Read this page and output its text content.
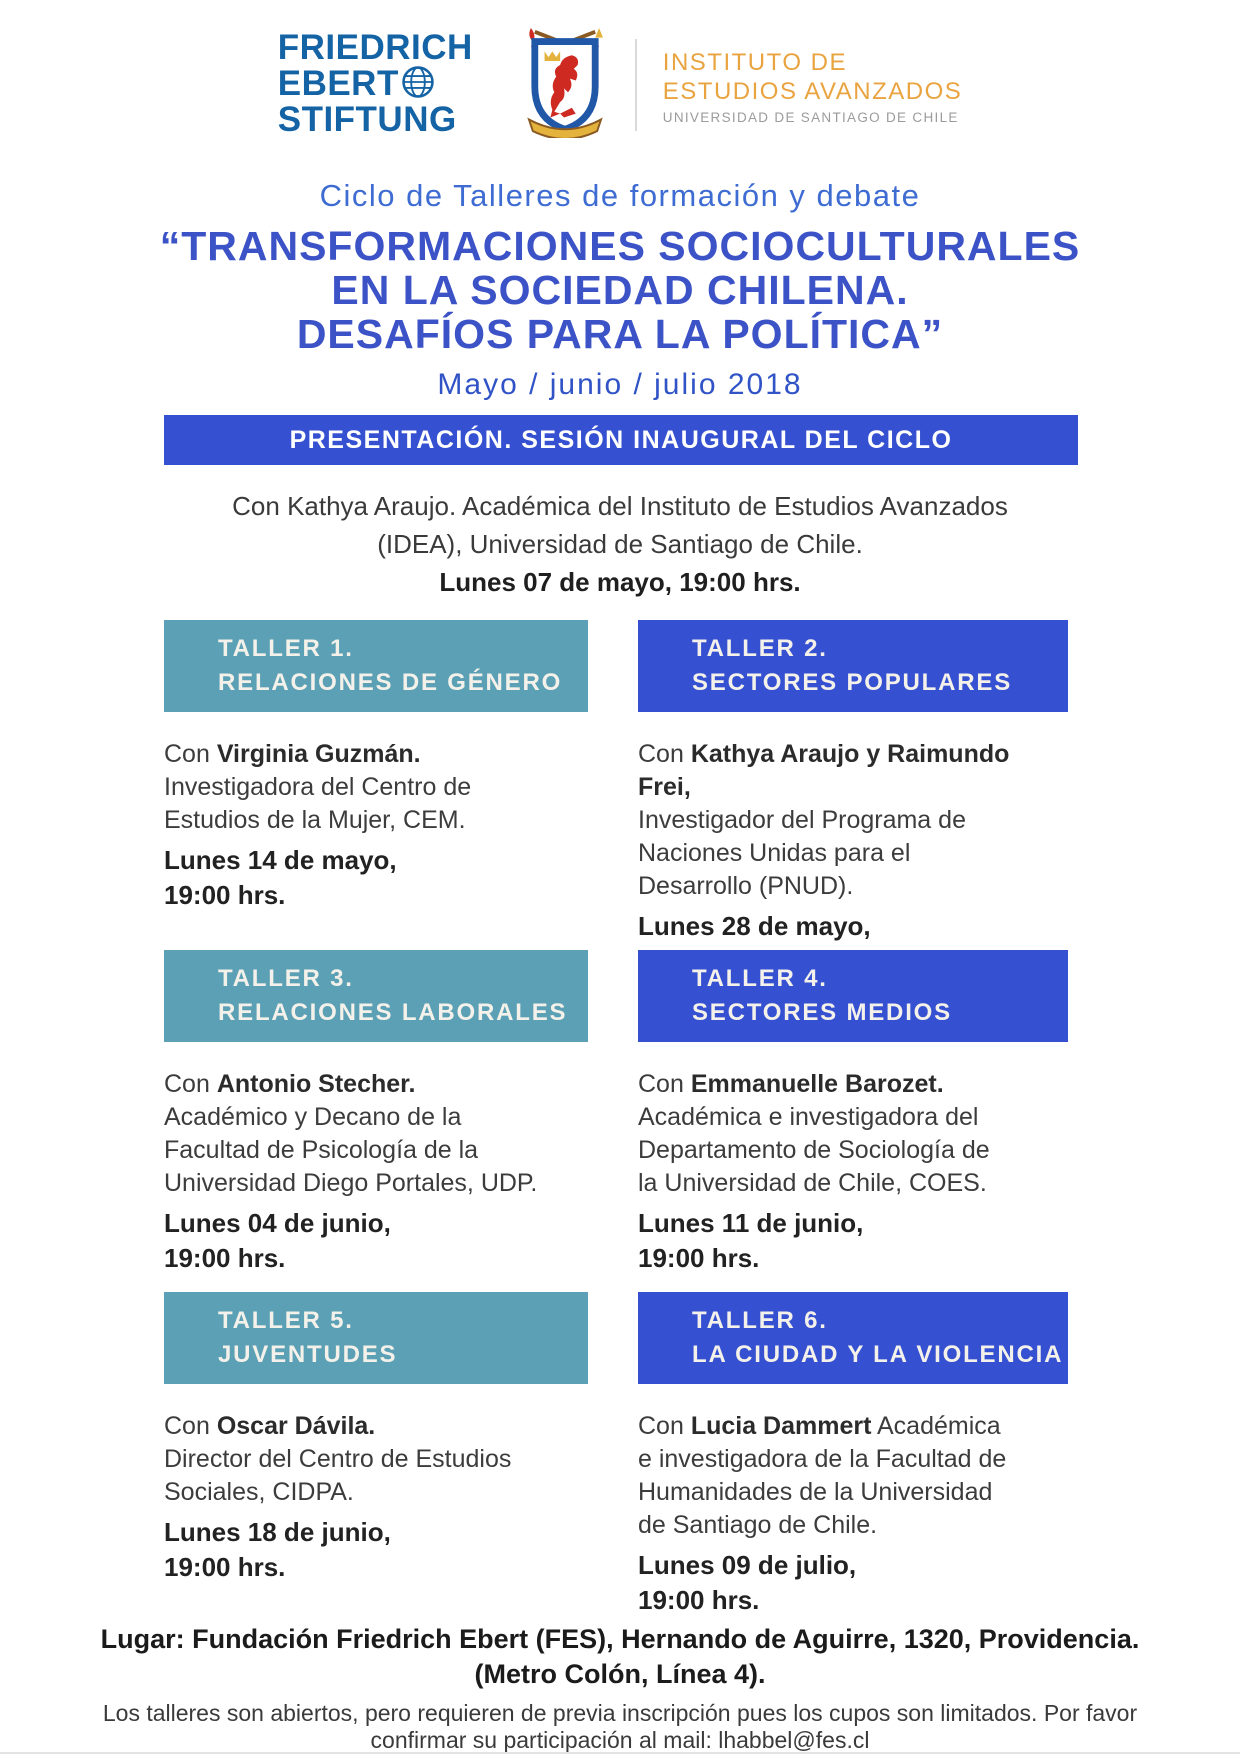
FRIEDRICH
EBERT
STIFTUNG
INSTITUTO DE
ESTUDIOS AVANZADOS
UNIVERSIDAD DE SANTIAGO DE CHILE
Ciclo de Talleres de formación y debate
“TRANSFORMACIONES SOCIOCULTURALES
EN LA SOCIEDAD CHILENA.
DESAFÍOS PARA LA POLÍTICA”
Mayo / junio / julio 2018
PRESENTACIÓN. SESIÓN INAUGURAL DEL CICLO
Con Kathya Araujo. Académica del Instituto de Estudios Avanzados
(IDEA), Universidad de Santiago de Chile.
Lunes 07 de mayo, 19:00 hrs.
TALLER 1.
RELACIONES DE GÉNERO
Con Virginia Guzmán.
Investigadora del Centro de
Estudios de la Mujer, CEM.
Lunes 14 de mayo,
19:00 hrs.
TALLER 2.
SECTORES POPULARES
Con Kathya Araujo y Raimundo Frei,
Investigador del Programa de
Naciones Unidas para el
Desarrollo (PNUD).
Lunes 28 de mayo,
TALLER 3.
RELACIONES LABORALES
Con Antonio Stecher.
Académico y Decano de la
Facultad de Psicología de la
Universidad Diego Portales, UDP.
Lunes 04 de junio,
19:00 hrs.
TALLER 4.
SECTORES MEDIOS
Con Emmanuelle Barozet.
Académica e investigadora del
Departamento de Sociología de
la Universidad de Chile, COES.
Lunes 11 de junio,
19:00 hrs.
TALLER 5.
JUVENTUDES
Con Oscar Dávila.
Director del Centro de Estudios
Sociales, CIDPA.
Lunes 18 de junio,
19:00 hrs.
TALLER 6.
LA CIUDAD Y LA VIOLENCIA
Con Lucia Dammert Académica
e investigadora de la Facultad de
Humanidades de la Universidad
de Santiago de Chile.
Lunes 09 de julio,
19:00 hrs.
Lugar: Fundación Friedrich Ebert (FES), Hernando de Aguirre, 1320, Providencia.
(Metro Colón, Línea 4).
Los talleres son abiertos, pero requieren de previa inscripción pues los cupos son limitados. Por favor
confirmar su participación al mail: lhabbel@fes.cl
